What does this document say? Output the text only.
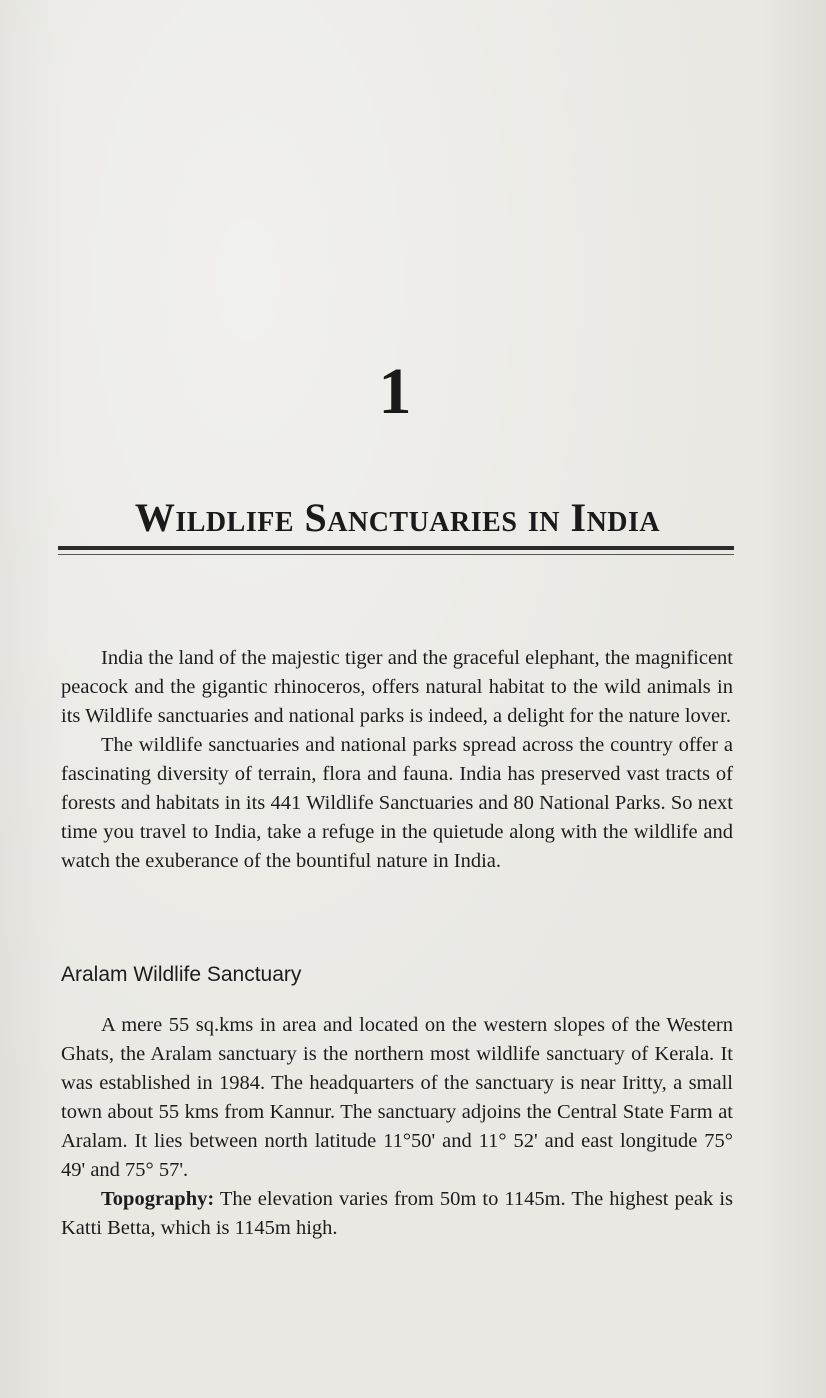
1
Wildlife Sanctuaries in India

India the land of the majestic tiger and the graceful elephant, the magnificent peacock and the gigantic rhinoceros, offers natural habitat to the wild animals in its Wildlife sanctuaries and national parks is indeed, a delight for the nature lover.

The wildlife sanctuaries and national parks spread across the country offer a fascinating diversity of terrain, flora and fauna. India has preserved vast tracts of forests and habitats in its 441 Wildlife Sanctuaries and 80 National Parks. So next time you travel to India, take a refuge in the quietude along with the wildlife and watch the exuberance of the bountiful nature in India.

Aralam Wildlife Sanctuary

A mere 55 sq.kms in area and located on the western slopes of the Western Ghats, the Aralam sanctuary is the northern most wildlife sanctuary of Kerala. It was established in 1984. The headquarters of the sanctuary is near Iritty, a small town about 55 kms from Kannur. The sanctuary adjoins the Central State Farm at Aralam. It lies between north latitude 11°50' and 11° 52' and east longitude 75° 49' and 75° 57'.

Topography: The elevation varies from 50m to 1145m. The highest peak is Katti Betta, which is 1145m high.
